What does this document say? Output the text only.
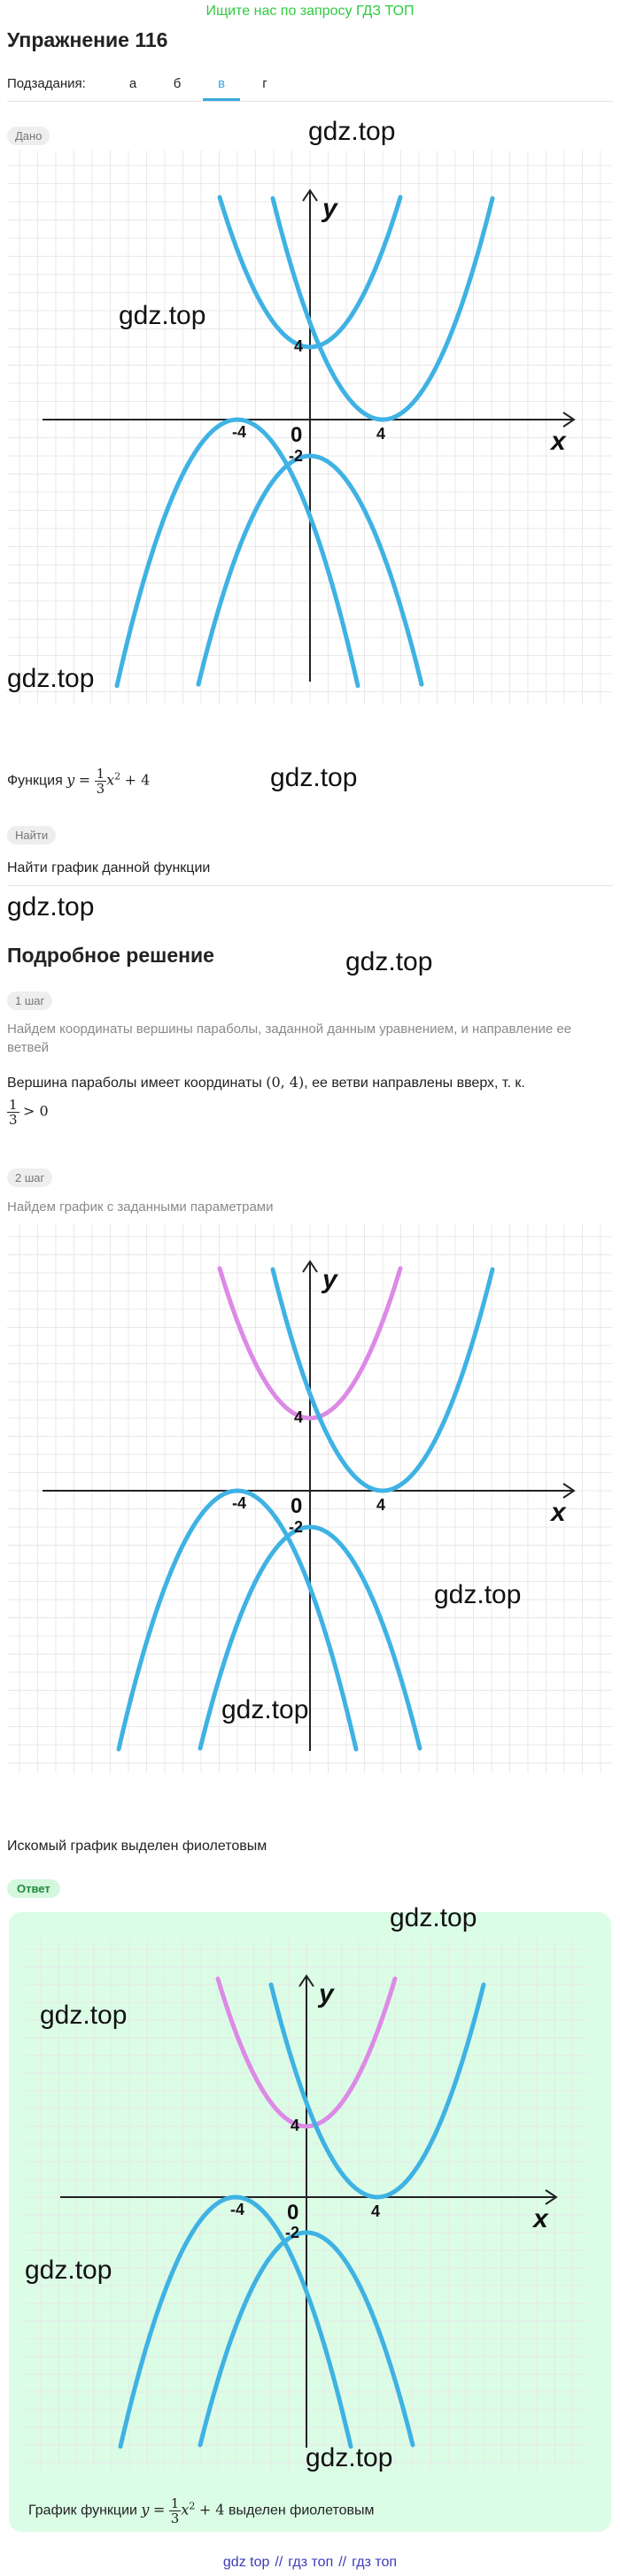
Ищите нас по запросу ГДЗ ТОП
Упражнение 116
Подзадания:	а	б	в	г
Дано	gdz.top
y
x
0
4
4
-4
-2
gdz.top
gdz.top
Функция $y = \frac{1}{3} x^2 + 4$	gdz.top
Найти
Найти график данной функции
gdz.top
Подробное решение	gdz.top
1 шаг
Найдем координаты вершины параболы, заданной данным уравнением, и направление ее ветвей
Вершина параболы имеет координаты (0, 4), ее ветви направлены вверх, т. к.
$\frac{1}{3} > 0$
2 шаг
Найдем график с заданными параметрами
y
x
0
4
4
-4
-2
gdz.top
gdz.top
Искомый график выделен фиолетовым
Ответ
gdz.top
y
x
0
4
4
-4
-2
gdz.top
gdz.top
gdz.top
График функции $y = \frac{1}{3} x^2 + 4$ выделен фиолетовым
gdz top // гдз топ // гдз топ
